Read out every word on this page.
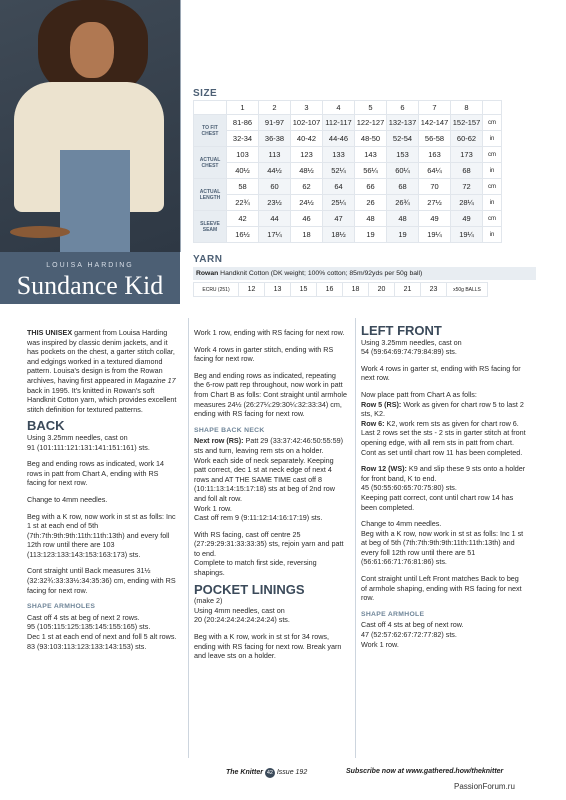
LOUISA HARDING
Sundance Kid
SIZE
	1	2	3	4	5	6	7	8	
TO FIT CHEST	81-86	91-97	102-107	112-117	122-127	132-137	142-147	152-157	cm
	32-34	36-38	40-42	44-46	48-50	52-54	56-58	60-62	in
ACTUAL CHEST	103	113	123	133	143	153	163	173	cm
	40½	44½	48½	52¼	56¼	60¼	64¼	68	in
ACTUAL LENGTH	58	60	62	64	66	68	70	72	cm
	22¾	23½	24½	25¼	26	26¾	27½	28¼	in
SLEEVE SEAM	42	44	46	47	48	48	49	49	cm
	16½	17¼	18	18½	19	19	19¼	19¼	in
YARN
Rowan Handknit Cotton (DK weight; 100% cotton; 85m/92yds per 50g ball)
ECRU (251)	12	13	15	16	18	20	21	23	x50g BALLS

THIS UNISEX garment from Louisa Harding was inspired by classic denim jackets, and it has pockets on the chest, a garter stitch collar, and edgings worked in a textured diamond pattern. Louisa's design is from the Rowan archives, having first appeared in Magazine 17 back in 1995. It's knitted in Rowan's soft Handknit Cotton yarn, which provides excellent stitch definition for textured patterns.

BACK

Using 3.25mm needles, cast on
91 (101:111:121:131:141:151:161) sts.

Beg and ending rows as indicated, work 14 rows in patt from Chart A, ending with RS facing for next row.

Change to 4mm needles.

Beg with a K row, now work in st st as folls: Inc 1 st at each end of 5th (7th:7th:9th:9th:11th:11th:13th) and every foll 12th row until there are 103 (113:123:133:143:153:163:173) sts.

Cont straight until Back measures 31½ (32:32¾:33:33½:34:35:36) cm, ending with RS facing for next row.

SHAPE ARMHOLES

Cast off 4 sts at beg of next 2 rows.

95 (105:115:125:135:145:155:165) sts.

Dec 1 st at each end of next and foll 5 alt rows.

83 (93:103:113:123:133:143:153) sts.

Work 1 row, ending with RS facing for next row.

Work 4 rows in garter stitch, ending with RS facing for next row.

Beg and ending rows as indicated, repeating the 6-row patt rep throughout, now work in patt from Chart B as folls: Cont straight until armhole measures 24½ (26:27¼:29:30¼:32:33:34) cm, ending with RS facing for next row.

SHAPE BACK NECK

Next row (RS): Patt 29 (33:37:42:46:50:55:59) sts and turn, leaving rem sts on a holder.

Work each side of neck separately. Keeping patt correct, dec 1 st at neck edge of next 4 rows and AT THE SAME TIME cast off 8 (10:11:13:14:15:17:18) sts at beg of 2nd row and foll alt row.

Work 1 row.

Cast off rem 9 (9:11:12:14:16:17:19) sts.

With RS facing, cast off centre 25 (27:29:29:31:33:33:35) sts, rejoin yarn and patt to end.

Complete to match first side, reversing shapings.

POCKET LININGS

(make 2)

Using 4mm needles, cast on

20 (20:24:24:24:24:24:24) sts.

Beg with a K row, work in st st for 34 rows, ending with RS facing for next row. Break yarn and leave sts on a holder.

LEFT FRONT

Using 3.25mm needles, cast on

54 (59:64:69:74:79:84:89) sts.

Work 4 rows in garter st, ending with RS facing for next row.

Now place patt from Chart A as folls:

Row 5 (RS): Work as given for chart row 5 to last 2 sts, K2.

Row 6: K2, work rem sts as given for chart row 6.

Last 2 rows set the sts - 2 sts in garter stitch at front opening edge, with all rem sts in patt from chart.

Cont as set until chart row 11 has been completed.

Row 12 (WS): K9 and slip these 9 sts onto a holder for front band, K to end.

45 (50:55:60:65:70:75:80) sts.

Keeping patt correct, cont until chart row 14 has been completed.

Change to 4mm needles.

Beg with a K row, now work in st st as folls: Inc 1 st at beg of 5th (7th:7th:9th:9th:11th:11th:13th) and every foll 12th row until there are 51 (56:61:66:71:76:81:86) sts.

Cont straight until Left Front matches Back to beg of armhole shaping, ending with RS facing for next row.

SHAPE ARMHOLE

Cast off 4 sts at beg of next row.

47 (52:57:62:67:72:77:82) sts.

Work 1 row.

The Knitter 42 Issue 192	Subscribe now at www.gathered.how/theknitter
PassionForum.ru
